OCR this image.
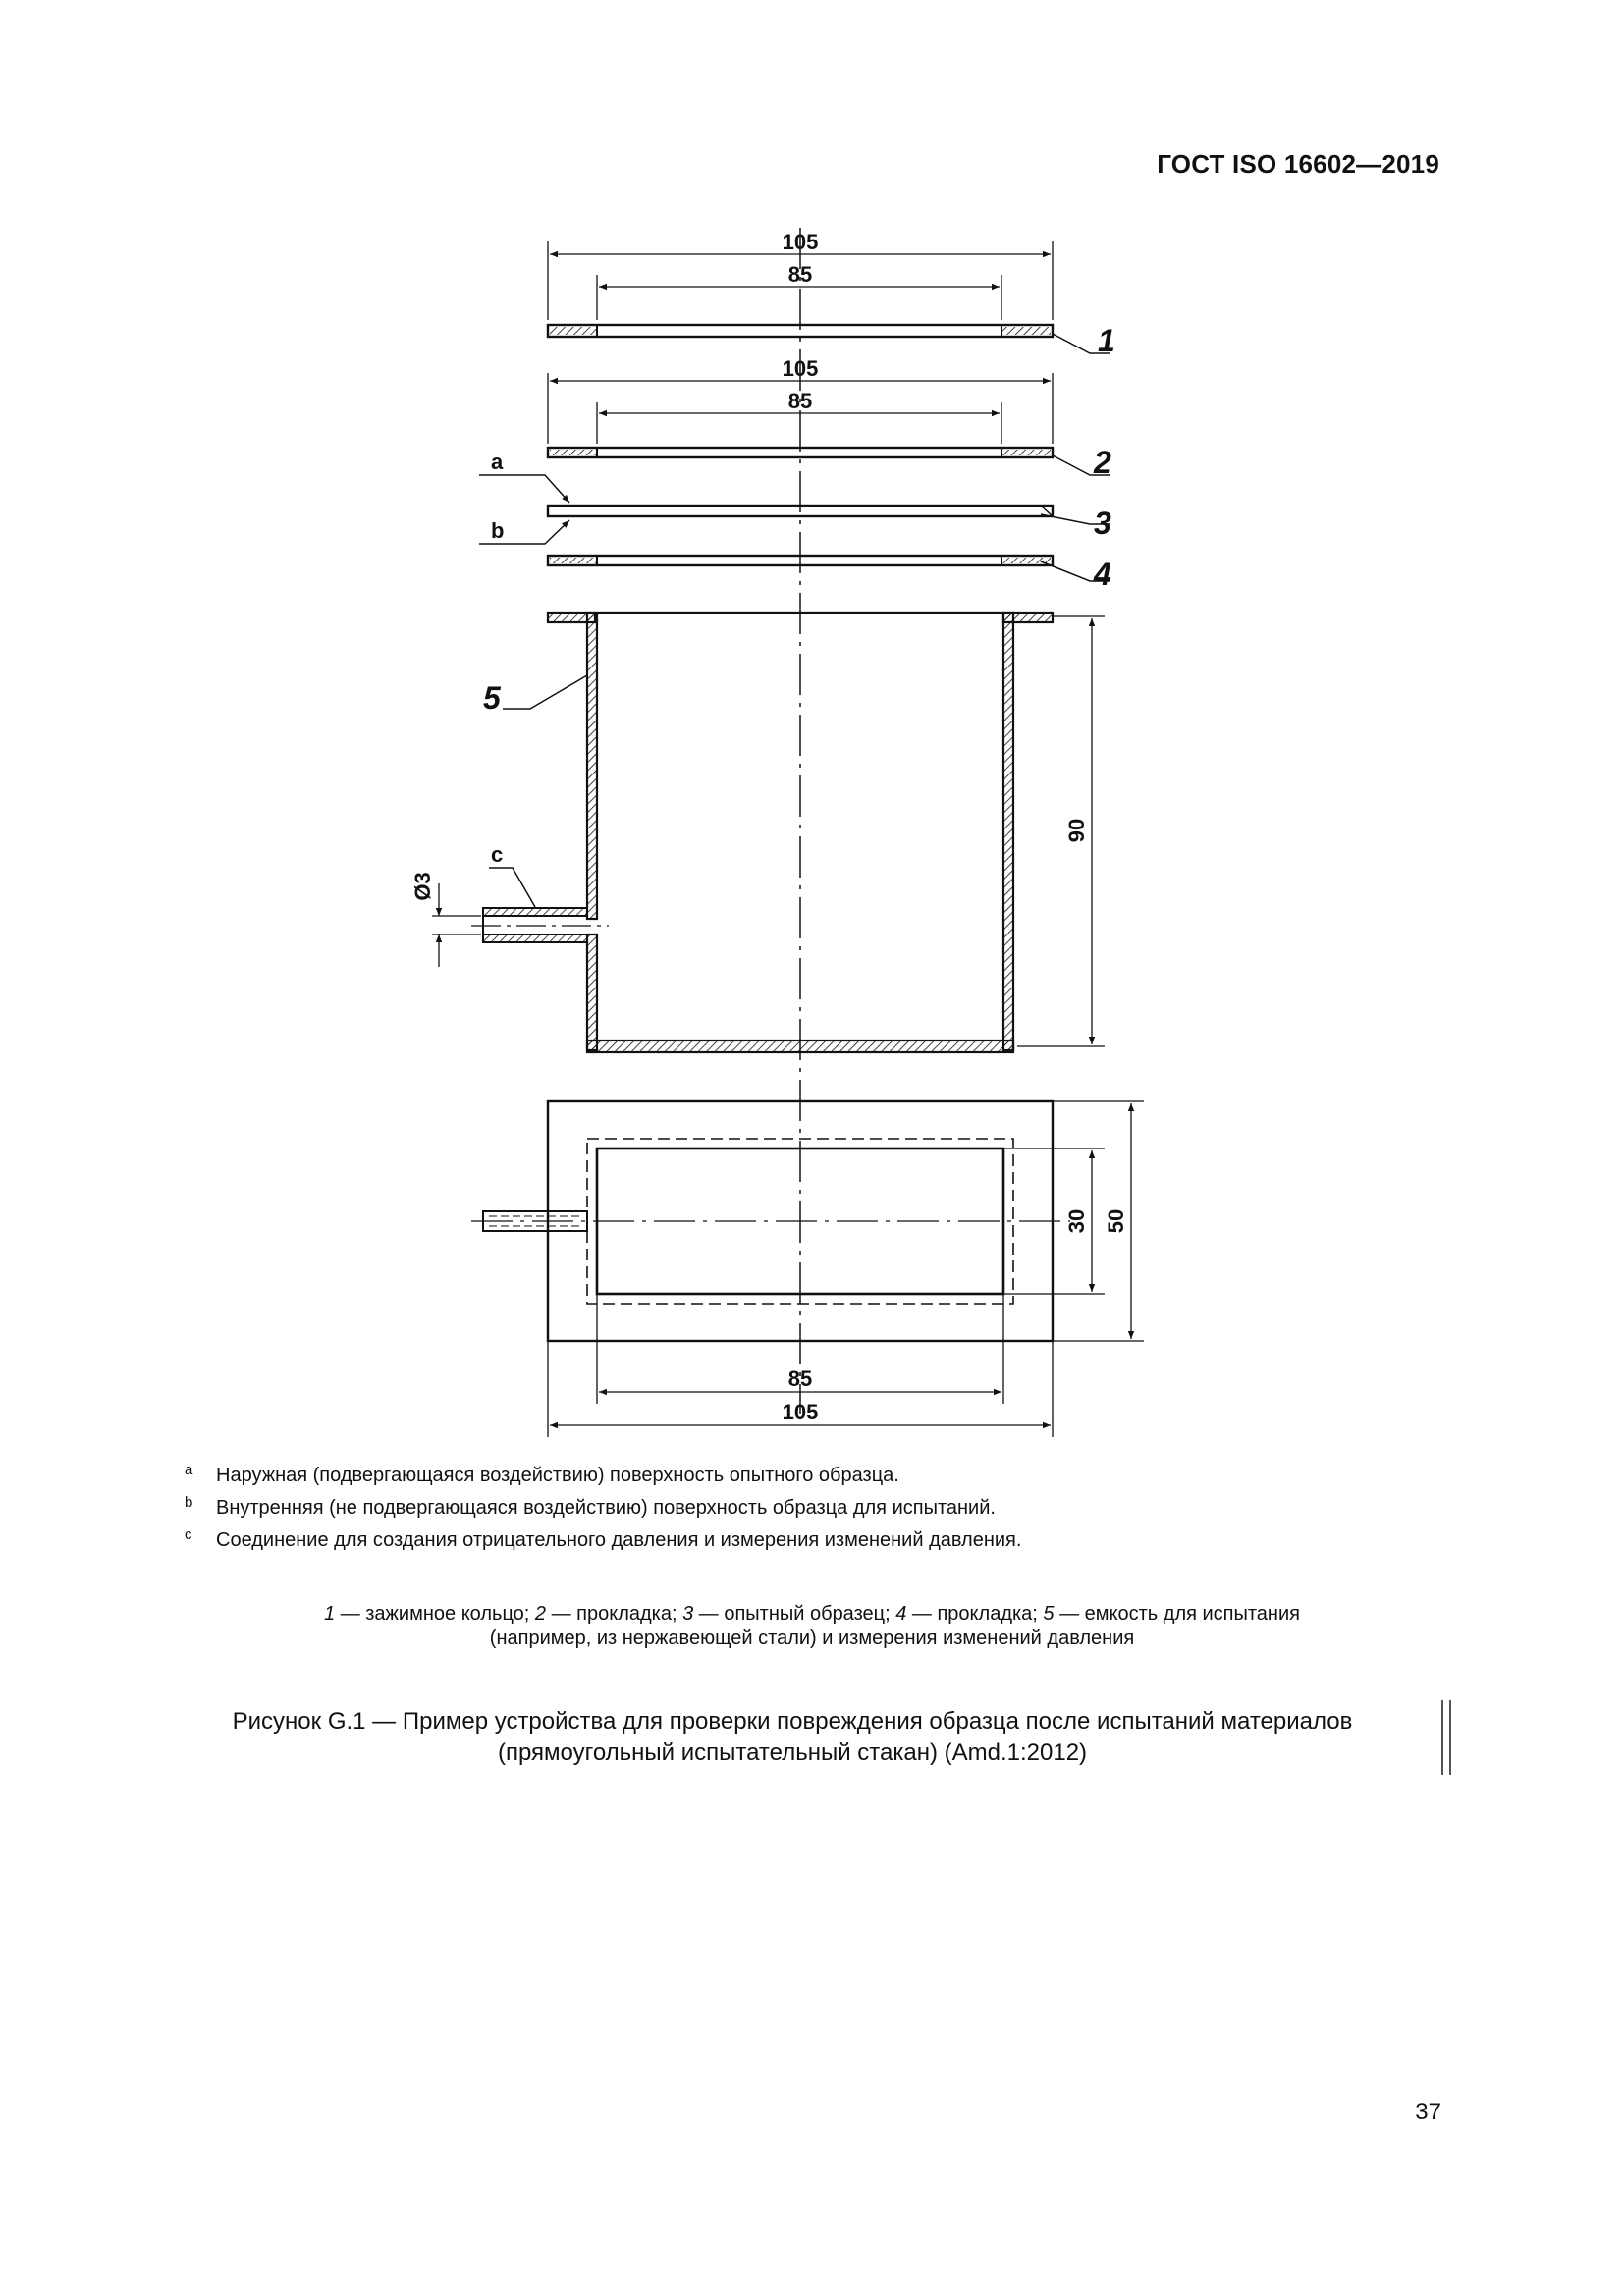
ГОСТ ISO 16602—2019
105
85
105
85
90
Ø3
30 50
85
105
1
2
3
4
5
a
b
c
a Наружная (подвергающаяся воздействию) поверхность опытного образца.
b Внутренняя (не подвергающаяся воздействию) поверхность образца для испытаний.
c Соединение для создания отрицательного давления и измерения изменений давления.
1 — зажимное кольцо; 2 — прокладка; 3 — опытный образец; 4 — прокладка; 5 — емкость для испытания
(например, из нержавеющей стали) и измерения изменений давления
Рисунок G.1 — Пример устройства для проверки повреждения образца после испытаний материалов
(прямоугольный испытательный стакан) (Amd.1:2012)
37
